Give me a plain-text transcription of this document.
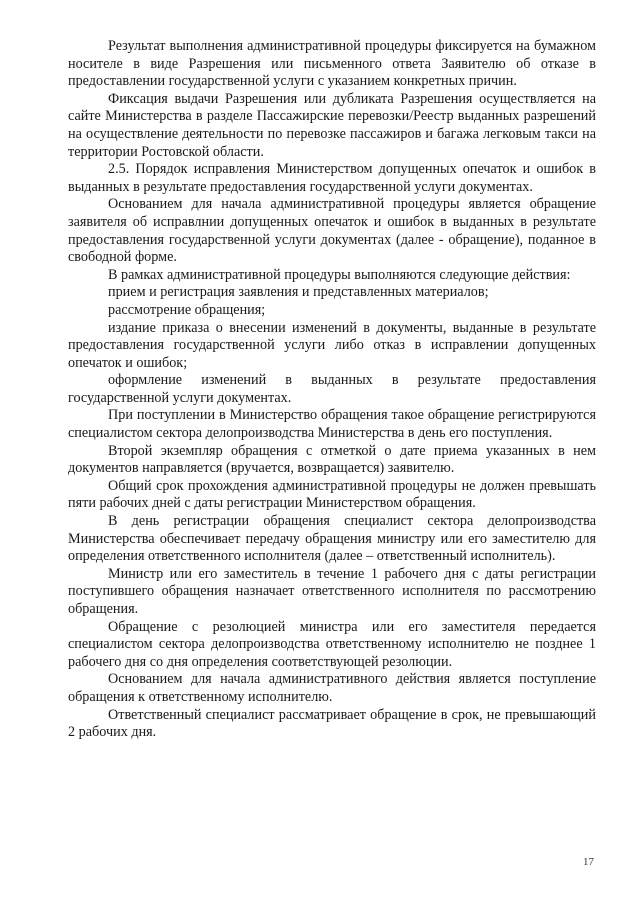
Результат выполнения административной процедуры фиксируется на бумажном носителе в виде Разрешения или письменного ответа Заявителю об отказе в предоставлении государственной услуги с указанием конкретных причин.

Фиксация выдачи Разрешения или дубликата Разрешения осуществляется на сайте Министерства в разделе Пассажирские перевозки/Реестр выданных разрешений на осуществление деятельности по перевозке пассажиров и багажа легковым такси на территории Ростовской области.

2.5. Порядок исправления Министерством допущенных опечаток и ошибок в выданных в результате предоставления государственной услуги документах.

Основанием для начала административной процедуры является обращение заявителя об исправлнии допущенных опечаток и ошибок в выданных в результате предоставления государственной услуги документах (далее - обращение), поданное в свободной форме.

В рамках административной процедуры выполняются следующие действия:

прием и регистрация заявления и представленных материалов;

рассмотрение обращения;

издание приказа о внесении изменений в документы, выданные в результате предоставления государственной услуги либо отказ в исправлении допущенных опечаток и ошибок;

оформление изменений в выданных в результате предоставления государственной услуги документах.

При поступлении в Министерство обращения такое обращение регистрируются специалистом сектора делопроизводства Министерства в день его поступления.

Второй экземпляр обращения с отметкой о дате приема указанных в нем документов направляется (вручается, возвращается) заявителю.

Общий срок прохождения административной процедуры не должен превышать пяти рабочих дней с даты регистрации Министерством обращения.

В день регистрации обращения специалист сектора делопроизводства Министерства обеспечивает передачу обращения министру или его заместителю для определения ответственного исполнителя (далее – ответственный исполнитель).

Министр или его заместитель в течение 1 рабочего дня с даты регистрации поступившего обращения назначает ответственного исполнителя по рассмотрению обращения.

Обращение с резолюцией министра или его заместителя передается специалистом сектора делопроизводства ответственному исполнителю не позднее 1 рабочего дня со дня определения соответствующей резолюции.

Основанием для начала административного действия является поступление обращения к ответственному исполнителю.

Ответственный специалист рассматривает обращение в срок, не превышающий 2 рабочих дня.

17
